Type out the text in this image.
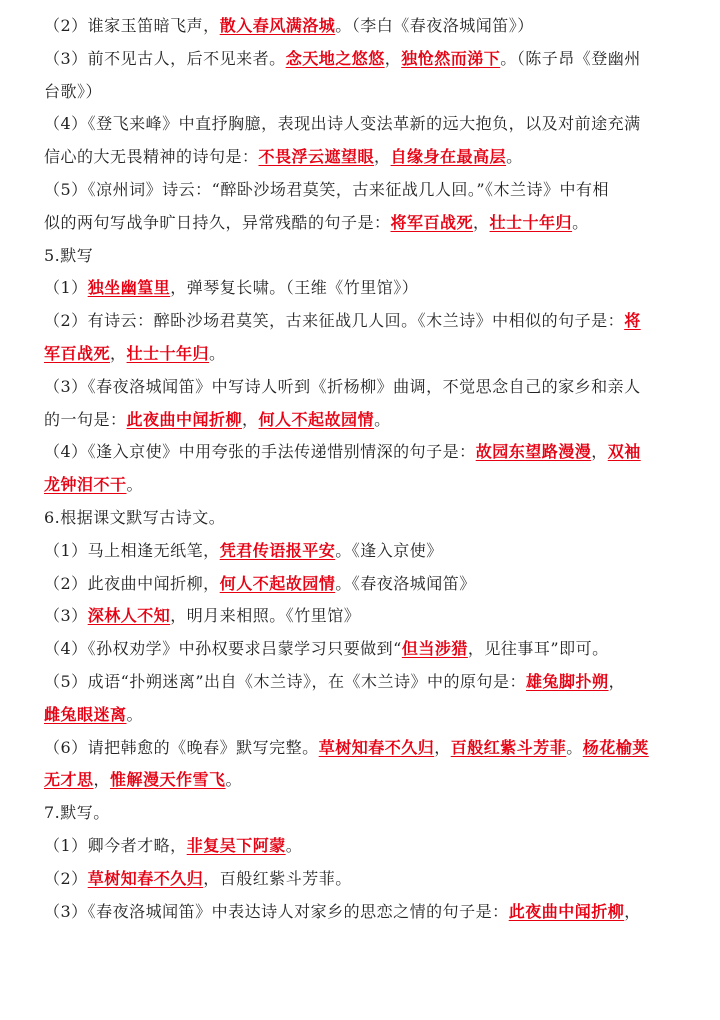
（2）谁家玉笛暗飞声，散入春风满洛城。（李白《春夜洛城闻笛》）
（3）前不见古人，后不见来者。念天地之悠悠，独怆然而涕下。（陈子昂《登幽州
台歌》）
（4）《登飞来峰》中直抒胸臆，表现出诗人变法革新的远大抱负，以及对前途充满
信心的大无畏精神的诗句是：不畏浮云遮望眼，自缘身在最高层。
（5）《凉州词》诗云：“醉卧沙场君莫笑，古来征战几人回。”《木兰诗》中有相
似的两句写战争旷日持久，异常残酷的句子是：将军百战死，壮士十年归。
5.默写
（1）独坐幽篁里，弹琴复长啸。（王维《竹里馆》）
（2）有诗云：醉卧沙场君莫笑，古来征战几人回。《木兰诗》中相似的句子是：将
军百战死，壮士十年归。
（3）《春夜洛城闻笛》中写诗人听到《折杨柳》曲调，不觉思念自己的家乡和亲人
的一句是：此夜曲中闻折柳，何人不起故园情。
（4）《逢入京使》中用夸张的手法传递惜别情深的句子是：故园东望路漫漫，双袖
龙钟泪不干。
6.根据课文默写古诗文。
（1）马上相逢无纸笔，凭君传语报平安。《逢入京使》
（2）此夜曲中闻折柳，何人不起故园情。《春夜洛城闻笛》
（3）深林人不知，明月来相照。《竹里馆》
（4）《孙权劝学》中孙权要求吕蒙学习只要做到“但当涉猎，见往事耳”即可。
（5）成语“扑朔迷离”出自《木兰诗》，在《木兰诗》中的原句是：雄兔脚扑朔，
雌兔眼迷离。
（6）请把韩愈的《晚春》默写完整。草树知春不久归，百般红紫斗芳菲。杨花榆荚
无才思，惟解漫天作雪飞。
7.默写。
（1）卿今者才略，非复吴下阿蒙。
（2）草树知春不久归，百般红紫斗芳菲。
（3）《春夜洛城闻笛》中表达诗人对家乡的思恋之情的句子是：此夜曲中闻折柳，
